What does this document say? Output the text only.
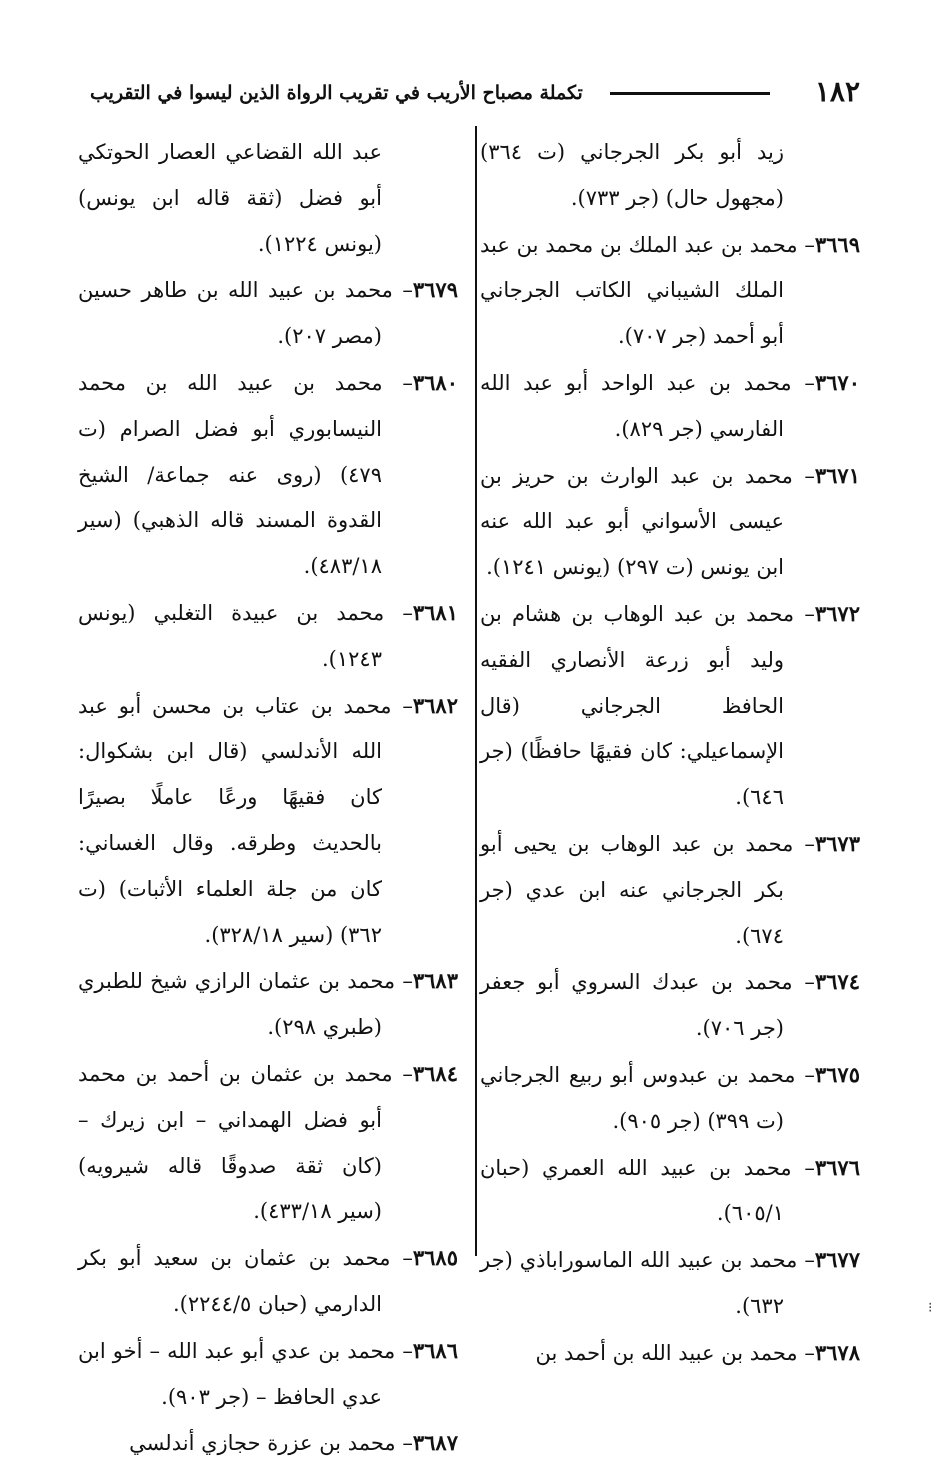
١٨٢
تكملة مصباح الأريب في تقريب الرواة الذين ليسوا في التقريب

زيد أبو بكر الجرجاني (ت ٣٦٤) (مجهول حال) (جر ٧٣٣).

٣٦٦٩– محمد بن عبد الملك بن محمد بن عبد الملك الشيباني الكاتب الجرجاني أبو أحمد (جر ٧٠٧).

٣٦٧٠– محمد بن عبد الواحد أبو عبد الله الفارسي (جر ٨٢٩).

٣٦٧١– محمد بن عبد الوارث بن حريز بن عيسى الأسواني أبو عبد الله عنه ابن يونس (ت ٢٩٧) (يونس ١٢٤١).

٣٦٧٢– محمد بن عبد الوهاب بن هشام بن وليد أبو زرعة الأنصاري الفقيه الحافظ الجرجاني (قال الإسماعيلي: كان فقيهًا حافظًا) (جر ٦٤٦).

٣٦٧٣– محمد بن عبد الوهاب بن يحيى أبو بكر الجرجاني عنه ابن عدي (جر ٦٧٤).

٣٦٧٤– محمد بن عبدك السروي أبو جعفر (جر ٧٠٦).

٣٦٧٥– محمد بن عبدوس أبو ربيع الجرجاني (ت ٣٩٩) (جر ٩٠٥).

٣٦٧٦– محمد بن عبيد الله العمري (حبان ٦٠٥/١).

٣٦٧٧– محمد بن عبيد الله الماسوراباذي (جر ٦٣٢).

٣٦٧٨– محمد بن عبيد الله بن أحمد بن

عبد الله القضاعي العصار الحوتكي أبو فضل (ثقة قاله ابن يونس) (يونس ١٢٢٤).

٣٦٧٩– محمد بن عبيد الله بن طاهر حسين (مصر ٢٠٧).

٣٦٨٠– محمد بن عبيد الله بن محمد النيسابوري أبو فضل الصرام (ت ٤٧٩) (روى عنه جماعة/ الشيخ القدوة المسند قاله الذهبي) (سير ٤٨٣/١٨).

٣٦٨١– محمد بن عبيدة التغلبي (يونس ١٢٤٣).

٣٦٨٢– محمد بن عتاب بن محسن أبو عبد الله الأندلسي (قال ابن بشكوال: كان فقيهًا ورعًا عاملًا بصيرًا بالحديث وطرقه. وقال الغساني: كان من جلة العلماء الأثبات) (ت ٣٦٢) (سير ٣٢٨/١٨).

٣٦٨٣– محمد بن عثمان الرازي شيخ للطبري (طبري ٢٩٨).

٣٦٨٤– محمد بن عثمان بن أحمد بن محمد أبو فضل الهمداني – ابن زيرك – (كان ثقة صدوقًا قاله شيرويه) (سير ٤٣٣/١٨).

٣٦٨٥– محمد بن عثمان بن سعيد أبو بكر الدارمي (حبان ٢٢٤٤/٥).

٣٦٨٦– محمد بن عدي أبو عبد الله – أخو ابن عدي الحافظ – (جر ٩٠٣).

٣٦٨٧– محمد بن عزرة حجازي أندلسي

⁝
